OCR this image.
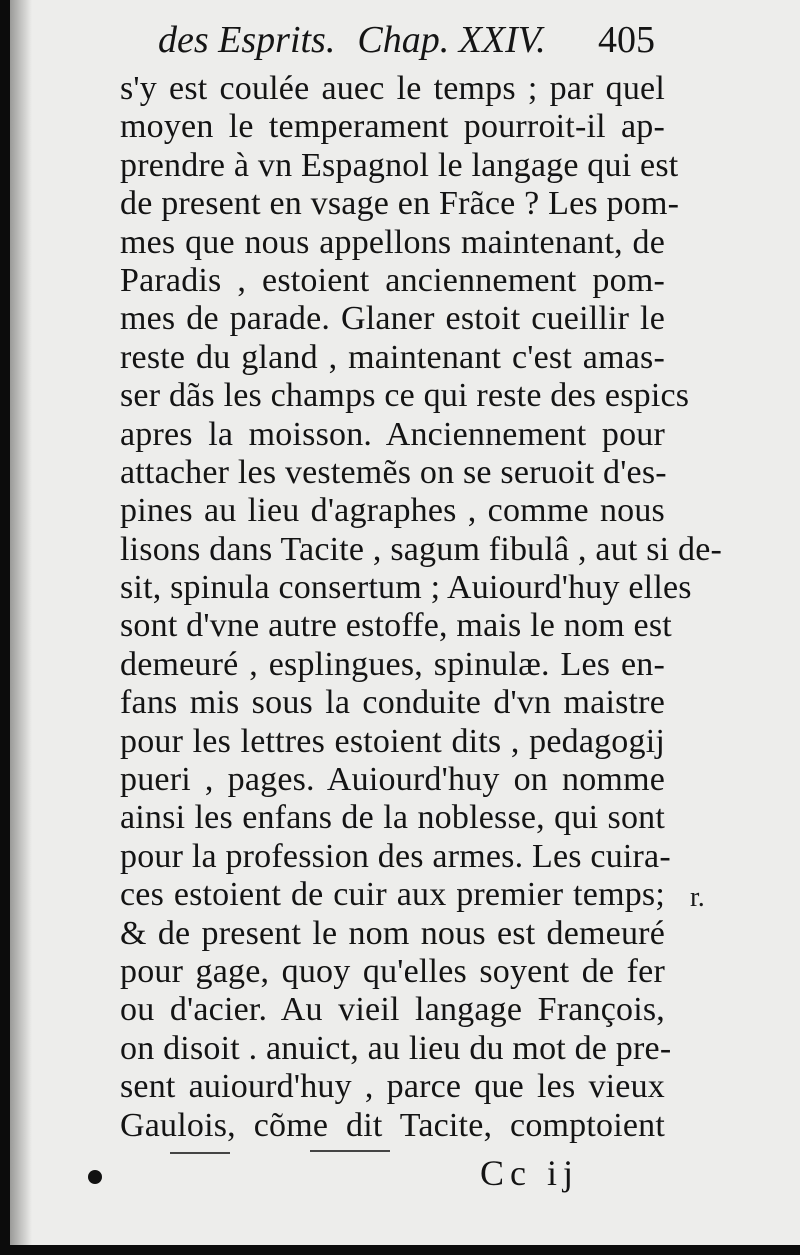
des Esprits. Chap. XXIV. 405
s'y est coulée auec le temps ; par quel
moyen le temperament pourroit-il ap-
prendre à vn Espagnol le langage qui est
de present en vsage en Frãce ? Les pom-
mes que nous appellons maintenant, de
Paradis , estoient anciennement pom-
mes de parade. Glaner estoit cueillir le
reste du gland , maintenant c'est amas-
ser dãs les champs ce qui reste des espics
apres la moisson. Anciennement pour
attacher les vestemẽs on se seruoit d'es-
pines au lieu d'agraphes , comme nous
lisons dans Tacite , sagum fibulâ , aut si de-
sit, spinula consertum ; Auiourd'huy elles
sont d'vne autre estoffe, mais le nom est
demeuré , esplingues, spinulæ. Les en-
fans mis sous la conduite d'vn maistre
pour les lettres estoient dits , pedagogij
pueri , pages. Auiourd'huy on nomme
ainsi les enfans de la noblesse, qui sont
pour la profession des armes. Les cuira-
ces estoient de cuir aux premier temps;
& de present le nom nous est demeuré
pour gage, quoy qu'elles soyent de fer
ou d'acier. Au vieil langage François,
on disoit . anuict, au lieu du mot de pre-
sent auiourd'huy , parce que les vieux
Gaulois, cõme dit Tacite, comptoient
r.
Cc ij
